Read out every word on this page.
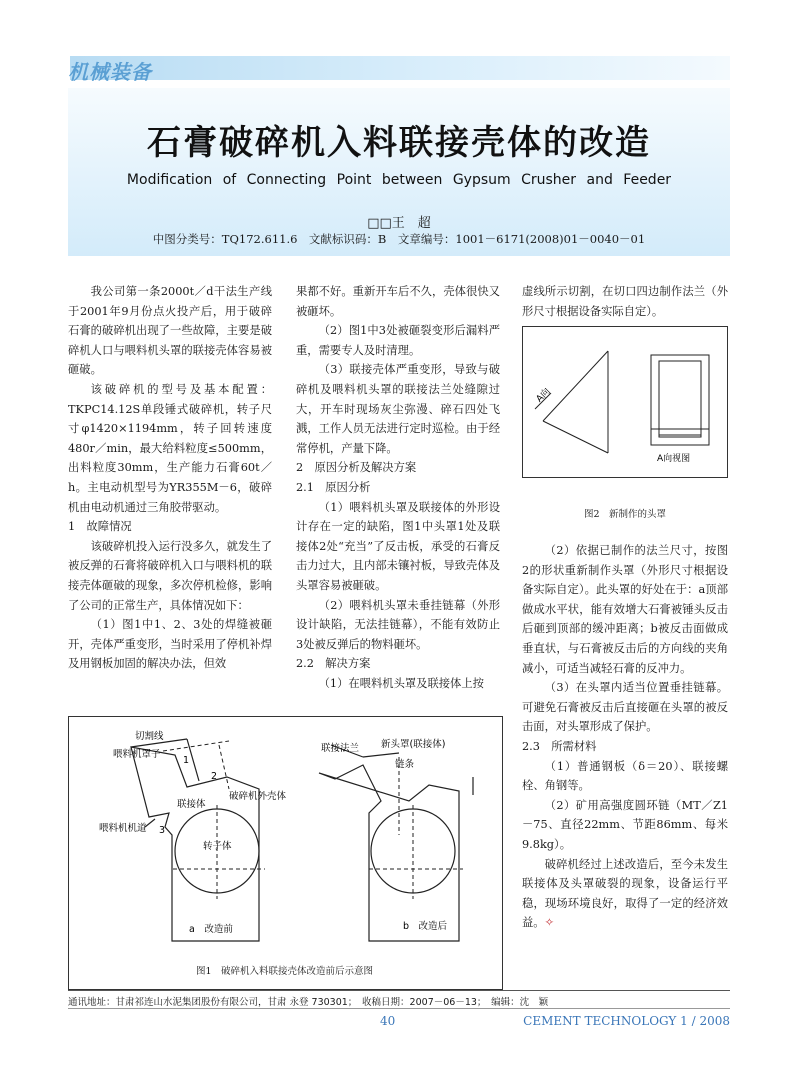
机械装备
石膏破碎机入料联接壳体的改造
Modification of Connecting Point between Gypsum Crusher and Feeder
□□王　超
中图分类号：TQ172.611.6　文献标识码：B　文章编号：1001－6171(2008)01－0040－01

我公司第一条2000t／d干法生产线于2001年9月份点火投产后，用于破碎石膏的破碎机出现了一些故障，主要是破碎机人口与喂料机头罩的联接壳体容易被砸破。

该破碎机的型号及基本配置：TKPC14.12S单段锤式破碎机，转子尺寸φ1420×1194mm，转子回转速度480r／min，最大给料粒度≤500mm，出料粒度30mm，生产能力石膏60t／h。主电动机型号为YR355M－6，破碎机由电动机通过三角胶带驱动。

1　故障情况

该破碎机投入运行没多久，就发生了被反弹的石膏将破碎机入口与喂料机的联接壳体砸破的现象，多次停机检修，影响了公司的正常生产，具体情况如下：

（1）图1中1、2、3处的焊缝被砸开，壳体严重变形，当时采用了停机补焊及用钢板加固的解决办法，但效

果都不好。重新开车后不久，壳体很快又被砸坏。

（2）图1中3处被砸裂变形后漏料严重，需要专人及时清理。

（3）联接壳体严重变形，导致与破碎机及喂料机头罩的联接法兰处缝隙过大，开车时现场灰尘弥漫、碎石四处飞溅，工作人员无法进行定时巡检。由于经常停机，产量下降。

2　原因分析及解决方案

2.1　原因分析

（1）喂料机头罩及联接体的外形设计存在一定的缺陷，图1中头罩1处及联接体2处“充当”了反击板，承受的石膏反击力过大，且内部未镶衬板，导致壳体及头罩容易被砸破。

（2）喂料机头罩未垂挂链幕（外形设计缺陷，无法挂链幕），不能有效防止3处被反弹后的物料砸坏。

2.2　解决方案

（1）在喂料机头罩及联接体上按

虚线所示切割，在切口四边制作法兰（外形尺寸根据设备实际自定）。

A向
A向视图
图2　新制作的头罩

（2）依据已制作的法兰尺寸，按图2的形状重新制作头罩（外形尺寸根据设备实际自定）。此头罩的好处在于：a顶部做成水平状，能有效增大石膏被锤头反击后砸到顶部的缓冲距离；b被反击面做成垂直状，与石膏被反击后的方向线的夹角减小，可适当减轻石膏的反冲力。

（3）在头罩内适当位置垂挂链幕。可避免石膏被反击后直接砸在头罩的被反击面，对头罩形成了保护。

2.3　所需材料

（1）普通钢板（δ＝20）、联接螺栓、角钢等。

（2）矿用高强度圆环链（MT／Z1－75、直径22mm、节距86mm、每米9.8kg）。

破碎机经过上述改造后，至今未发生联接体及头罩破裂的现象，设备运行平稳，现场环境良好，取得了一定的经济效益。✧

切割线
喂料机罩子
联接体
喂料机机道
破碎机外壳体
转子体
1
2
3
联接法兰 新头罩(联接体)
链条
a　改造前	b　改造后
图1　破碎机入料联接壳体改造前后示意图
通讯地址：甘肃祁连山水泥集团股份有限公司，甘肃 永登 730301；　收稿日期：2007－06－13；　编辑：沈　颖
40	CEMENT TECHNOLOGY 1 / 2008
